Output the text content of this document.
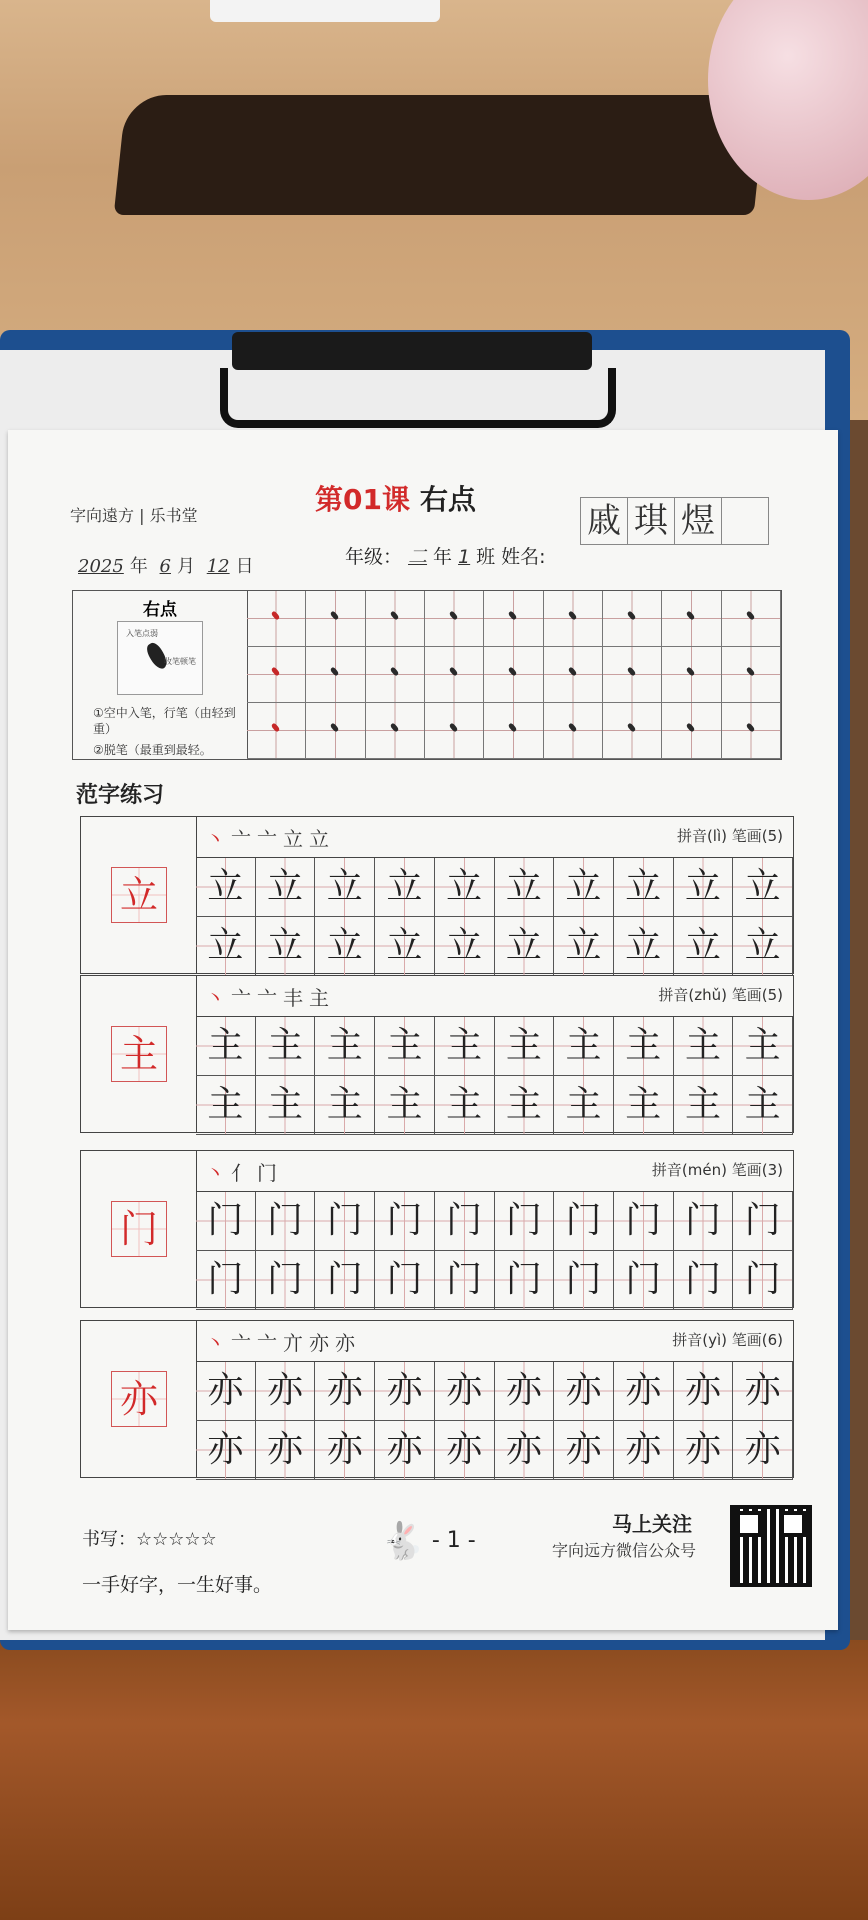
字向遠方 | 乐书堂	第01课 右点
2025 年 6 月 12 日	年级： 二 年 1 班 姓名:
戚 琪 煜
右点
入笔点弱
收笔顿笔
①空中入笔，行笔（由轻到重）
②脱笔（最重到最轻。
范字练习
立
丶亠亠立立	拼音(lì) 笔画(5)
立 立 立 立 立 立 立 立 立 立
立 立 立 立 立 立 立 立 立 立
主
丶亠亠丰主	拼音(zhǔ) 笔画(5)
主 主 主 主 主 主 主 主 主 主
主 主 主 主 主 主 主 主 主 主
门
丶亻门	拼音(mén) 笔画(3)
门 门 门 门 门 门 门 门 门 门
门 门 门 门 门 门 门 门 门 门
亦
丶亠亠亣亦亦	拼音(yì) 笔画(6)
亦 亦 亦 亦 亦 亦 亦 亦 亦 亦
亦 亦 亦 亦 亦 亦 亦 亦 亦 亦
书写：☆☆☆☆☆
一手好字，一生好事。
🐇 - 1 -
马上关注
字向远方微信公众号
